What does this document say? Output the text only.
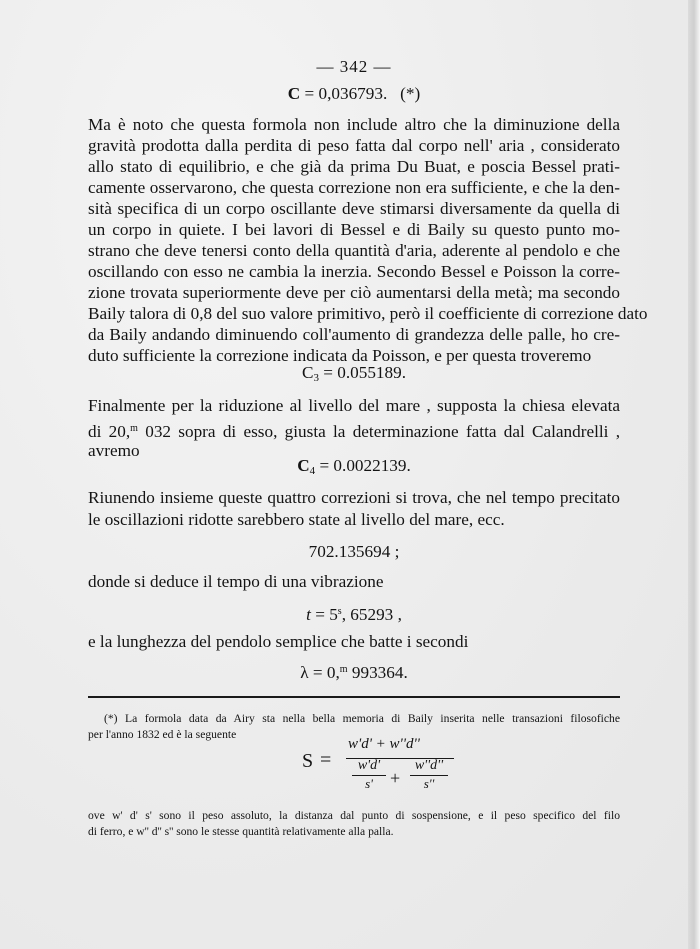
— 342 —
C = 0,036793. (*)
Ma è noto che questa formola non include altro che la diminuzione della
gravità prodotta dalla perdita di peso fatta dal corpo nell' aria , considerato
allo stato di equilibrio, e che già da prima Du Buat, e poscia Bessel prati-
camente osservarono, che questa correzione non era sufficiente, e che la den-
sità specifica di un corpo oscillante deve stimarsi diversamente da quella di
un corpo in quiete. I bei lavori di Bessel e di Baily su questo punto mo-
strano che deve tenersi conto della quantità d'aria, aderente al pendolo e che
oscillando con esso ne cambia la inerzia. Secondo Bessel e Poisson la corre-
zione trovata superiormente deve per ciò aumentarsi della metà; ma secondo
Baily talora di 0,8 del suo valore primitivo, però il coefficiente di correzione dato
da Baily andando diminuendo coll'aumento di grandezza delle palle, ho cre-
duto sufficiente la correzione indicata da Poisson, e per questa troveremo
$C_3 = 0.055189$.
Finalmente per la riduzione al livello del mare , supposta la chiesa elevata
di 20,$^m$ 032 sopra di esso, giusta la determinazione fatta dal Calandrelli ,
avremo
$C_4 = 0.0022139$.
Riunendo insieme queste quattro correzioni si trova, che nel tempo precitato
le oscillazioni ridotte sarebbero state al livello del mare, ecc.
702.135694 ;
donde si deduce il tempo di una vibrazione
$t = 5^s$, 65293 ,
e la lunghezza del pendolo semplice che batte i secondi
λ = 0,$^m$ 993364.
(*) La formola data da Airy sta nella bella memoria di Baily inserita nelle transazioni filosofiche
per l'anno 1832 ed è la seguente
S =
w'd' + w''d''
w'd'
s' +
w''d''
s''
ove w' d' s' sono il peso assoluto, la distanza dal punto di sospensione, e il peso specifico del filo
di ferro, e w'' d'' s'' sono le stesse quantità relativamente alla palla.
